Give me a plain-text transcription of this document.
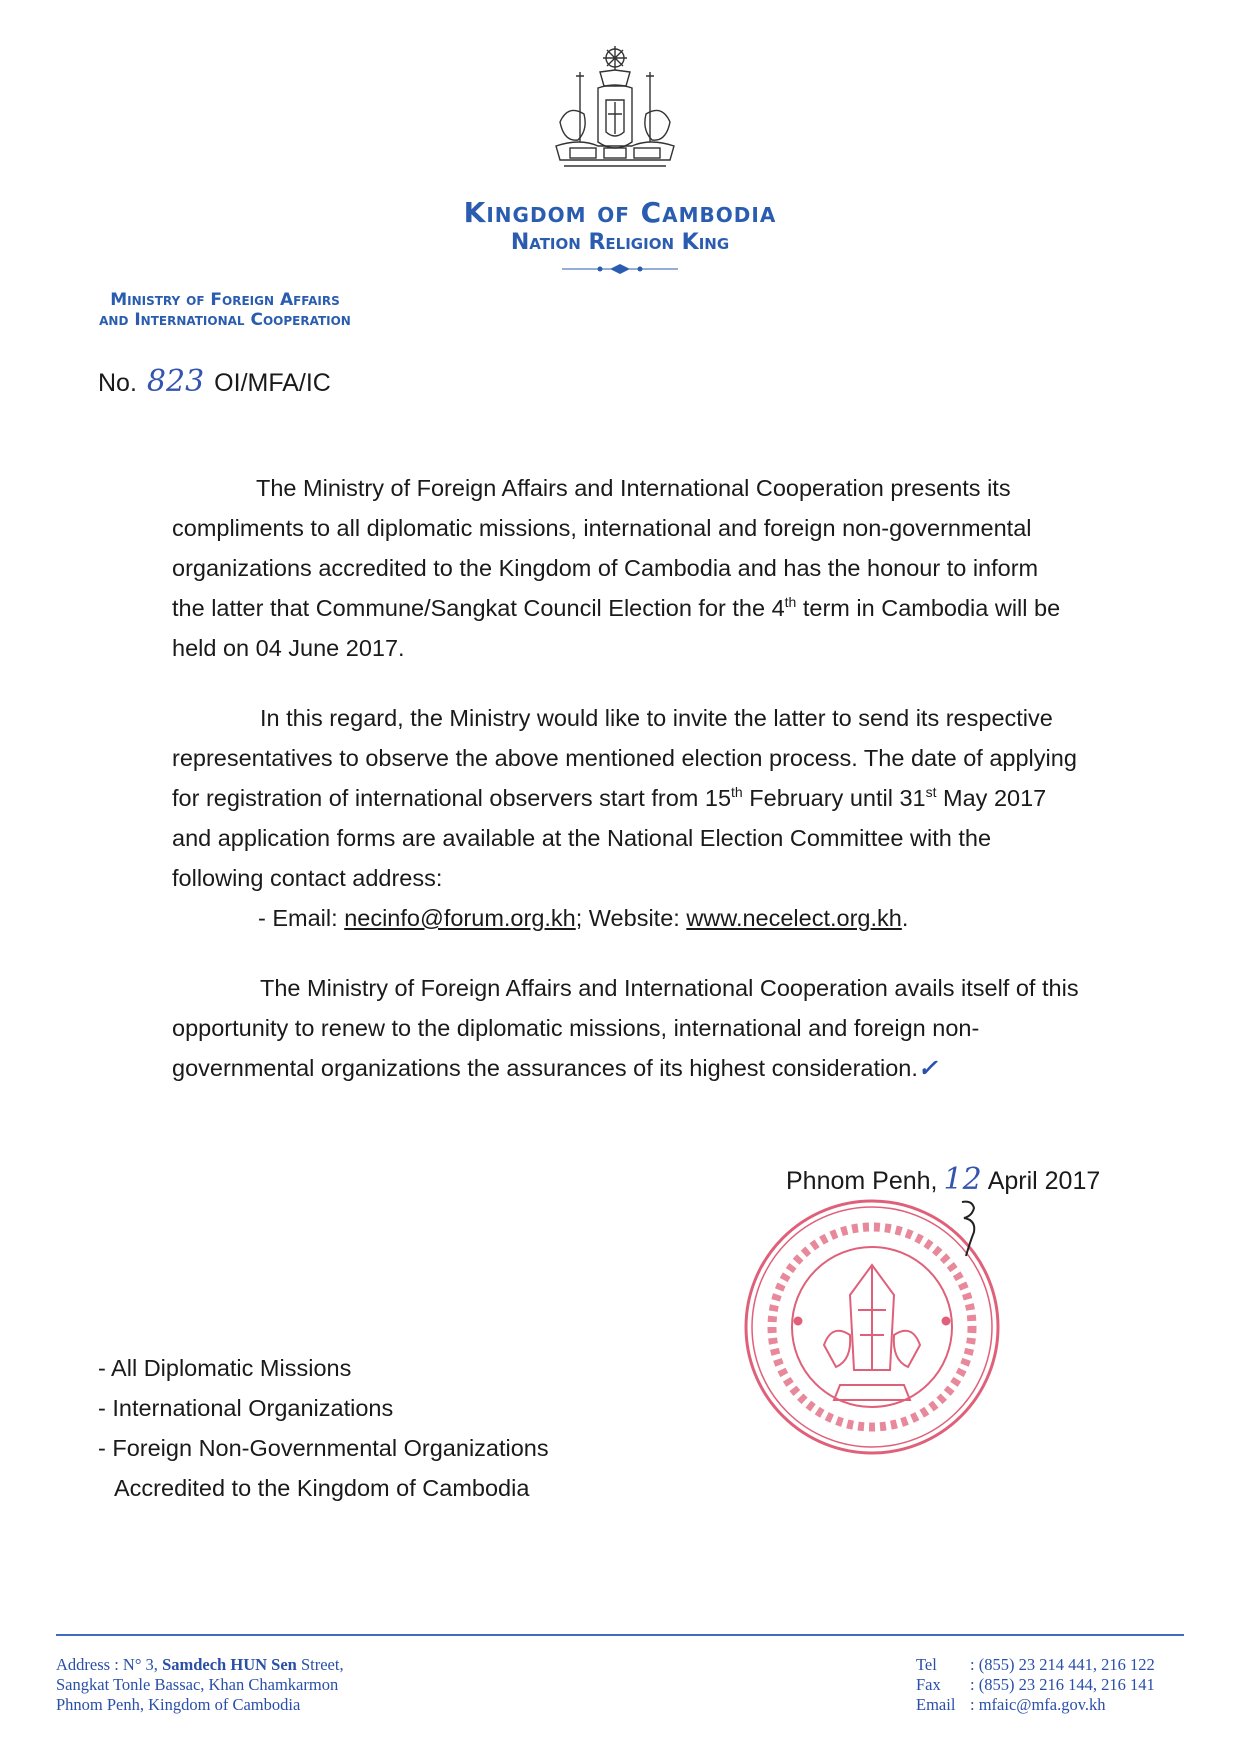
Kingdom of Cambodia
Nation Religion King
Ministry of Foreign Affairs
and International Cooperation
No. 823 OI/MFA/IC
The Ministry of Foreign Affairs and International Cooperation presents its
compliments to all diplomatic missions, international and foreign non-governmental
organizations accredited to the Kingdom of Cambodia and has the honour to inform
the latter that Commune/Sangkat Council Election for the 4th term in Cambodia will be
held on 04 June 2017.
In this regard, the Ministry would like to invite the latter to send its respective
representatives to observe the above mentioned election process. The date of applying
for registration of international observers start from 15th February until 31st May 2017
and application forms are available at the National Election Committee with the
following contact address:
- Email: necinfo@forum.org.kh; Website: www.necelect.org.kh.
The Ministry of Foreign Affairs and International Cooperation avails itself of this
opportunity to renew to the diplomatic missions, international and foreign non-
governmental organizations the assurances of its highest consideration.✓
Phnom Penh, 12 April 2017
- All Diplomatic Missions
- International Organizations
- Foreign Non-Governmental Organizations
Accredited to the Kingdom of Cambodia
Address : N° 3, Samdech HUN Sen Street,
Sangkat Tonle Bassac, Khan Chamkarmon
Phnom Penh, Kingdom of Cambodia
Tel : (855) 23 214 441, 216 122
Fax : (855) 23 216 144, 216 141
Email : mfaic@mfa.gov.kh
